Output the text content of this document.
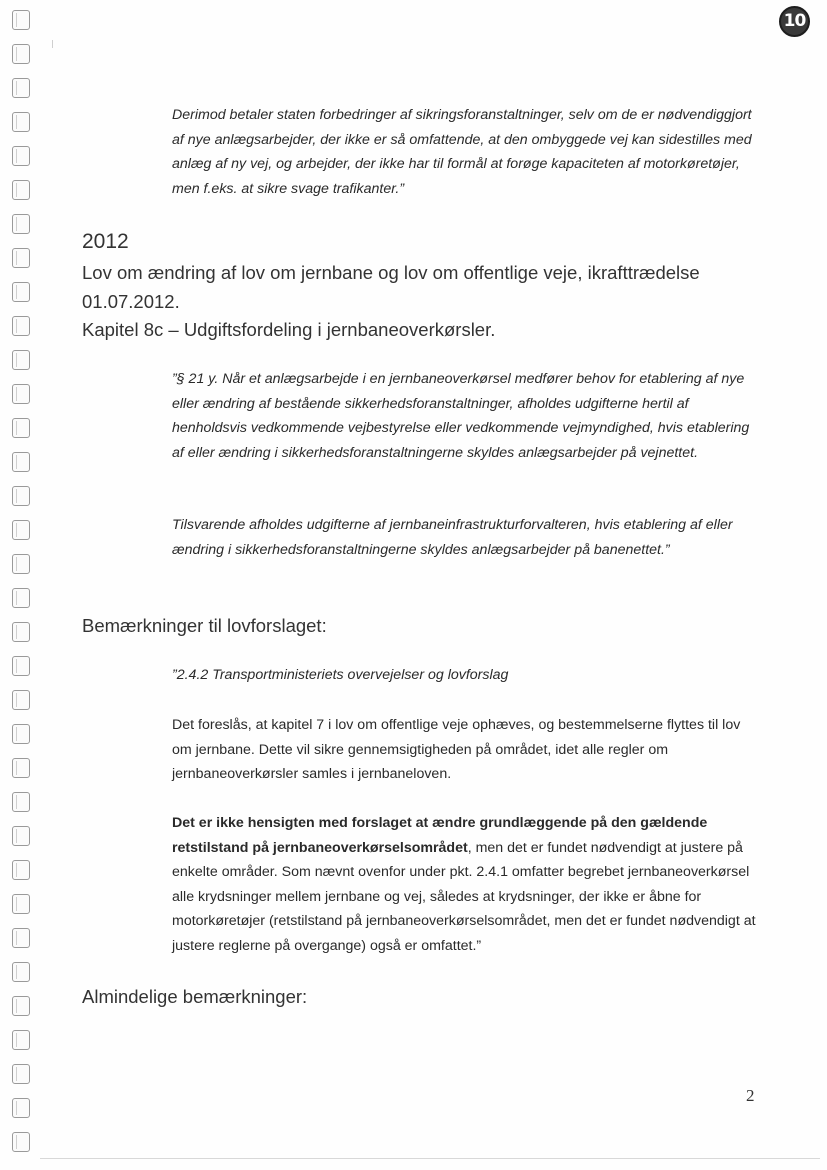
10

Derimod betaler staten forbedringer af sikringsforanstaltninger, selv om de er nødvendiggjort af nye anlægsarbejder, der ikke er så omfattende, at den ombyggede vej kan sidestilles med anlæg af ny vej, og arbejder, der ikke har til formål at forøge kapaciteten af motorkøretøjer, men f.eks. at sikre svage trafikanter.”

2012
Lov om ændring af lov om jernbane og lov om offentlige veje, ikrafttrædelse 01.07.2012.
Kapitel 8c – Udgiftsfordeling i jernbaneoverkørsler.

”§ 21 y. Når et anlægsarbejde i en jernbaneoverkørsel medfører behov for etablering af nye eller ændring af bestående sikkerhedsforanstaltninger, afholdes udgifterne hertil af henholdsvis vedkommende vejbestyrelse eller vedkommende vejmyndighed, hvis etablering af eller ændring i sikkerhedsforanstaltningerne skyldes anlægsarbejder på vejnettet.

Tilsvarende afholdes udgifterne af jernbaneinfrastrukturforvalteren, hvis etablering af eller ændring i sikkerhedsforanstaltningerne skyldes anlægsarbejder på banenettet.”

Bemærkninger til lovforslaget:

”2.4.2 Transportministeriets overvejelser og lovforslag

Det foreslås, at kapitel 7 i lov om offentlige veje ophæves, og bestemmelserne flyttes til lov om jernbane. Dette vil sikre gennemsigtigheden på området, idet alle regler om jernbaneoverkørsler samles i jernbaneloven.

Det er ikke hensigten med forslaget at ændre grundlæggende på den gældende retstilstand på jernbaneoverkørselsområdet, men det er fundet nødvendigt at justere på enkelte områder. Som nævnt ovenfor under pkt. 2.4.1 omfatter begrebet jernbaneoverkørsel alle krydsninger mellem jernbane og vej, således at krydsninger, der ikke er åbne for motorkøretøjer (retstilstand på jernbaneoverkørselsområdet, men det er fundet nødvendigt at justere reglerne på overgange) også er omfattet.”

Almindelige bemærkninger:
2
